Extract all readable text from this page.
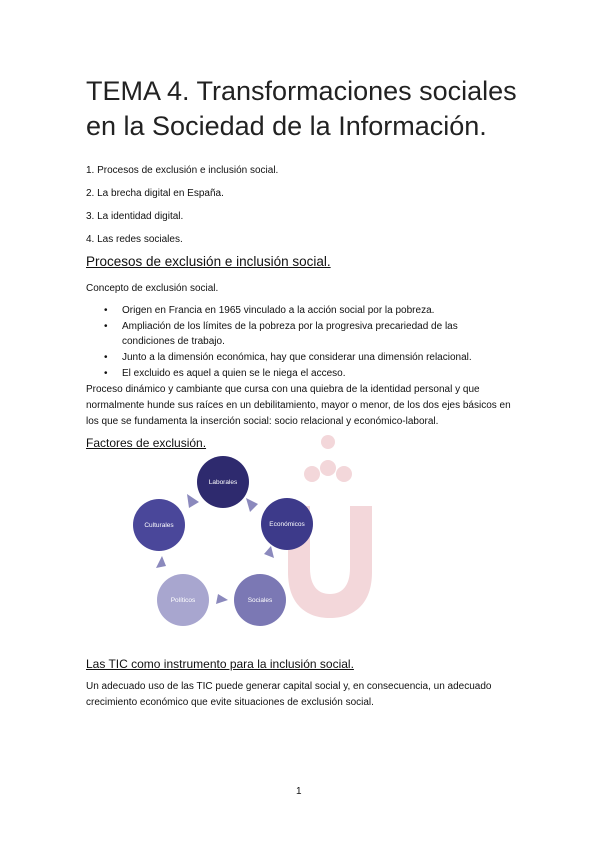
TEMA 4. Transformaciones sociales en la Sociedad de la Información.
1. Procesos de exclusión e inclusión social.
2. La brecha digital en España.
3. La identidad digital.
4. Las redes sociales.
Procesos de exclusión e inclusión social.
Concepto de exclusión social.
• Origen en Francia en 1965 vinculado a la acción social por la pobreza.
• Ampliación de los límites de la pobreza por la progresiva precariedad de las condiciones de trabajo.
• Junto a la dimensión económica, hay que considerar una dimensión relacional.
• El excluido es aquel a quien se le niega el acceso.
Proceso dinámico y cambiante que cursa con una quiebra de la identidad personal y que normalmente hunde sus raíces en un debilitamiento, mayor o menor, de los dos ejes básicos en los que se fundamenta la inserción social: socio relacional y económico-laboral.
Factores de exclusión.
Laborales
Económicos
Sociales
Políticos
Culturales
Las TIC como instrumento para la inclusión social.
Un adecuado uso de las TIC puede generar capital social y, en consecuencia, un adecuado crecimiento económico que evite situaciones de exclusión social.
1
